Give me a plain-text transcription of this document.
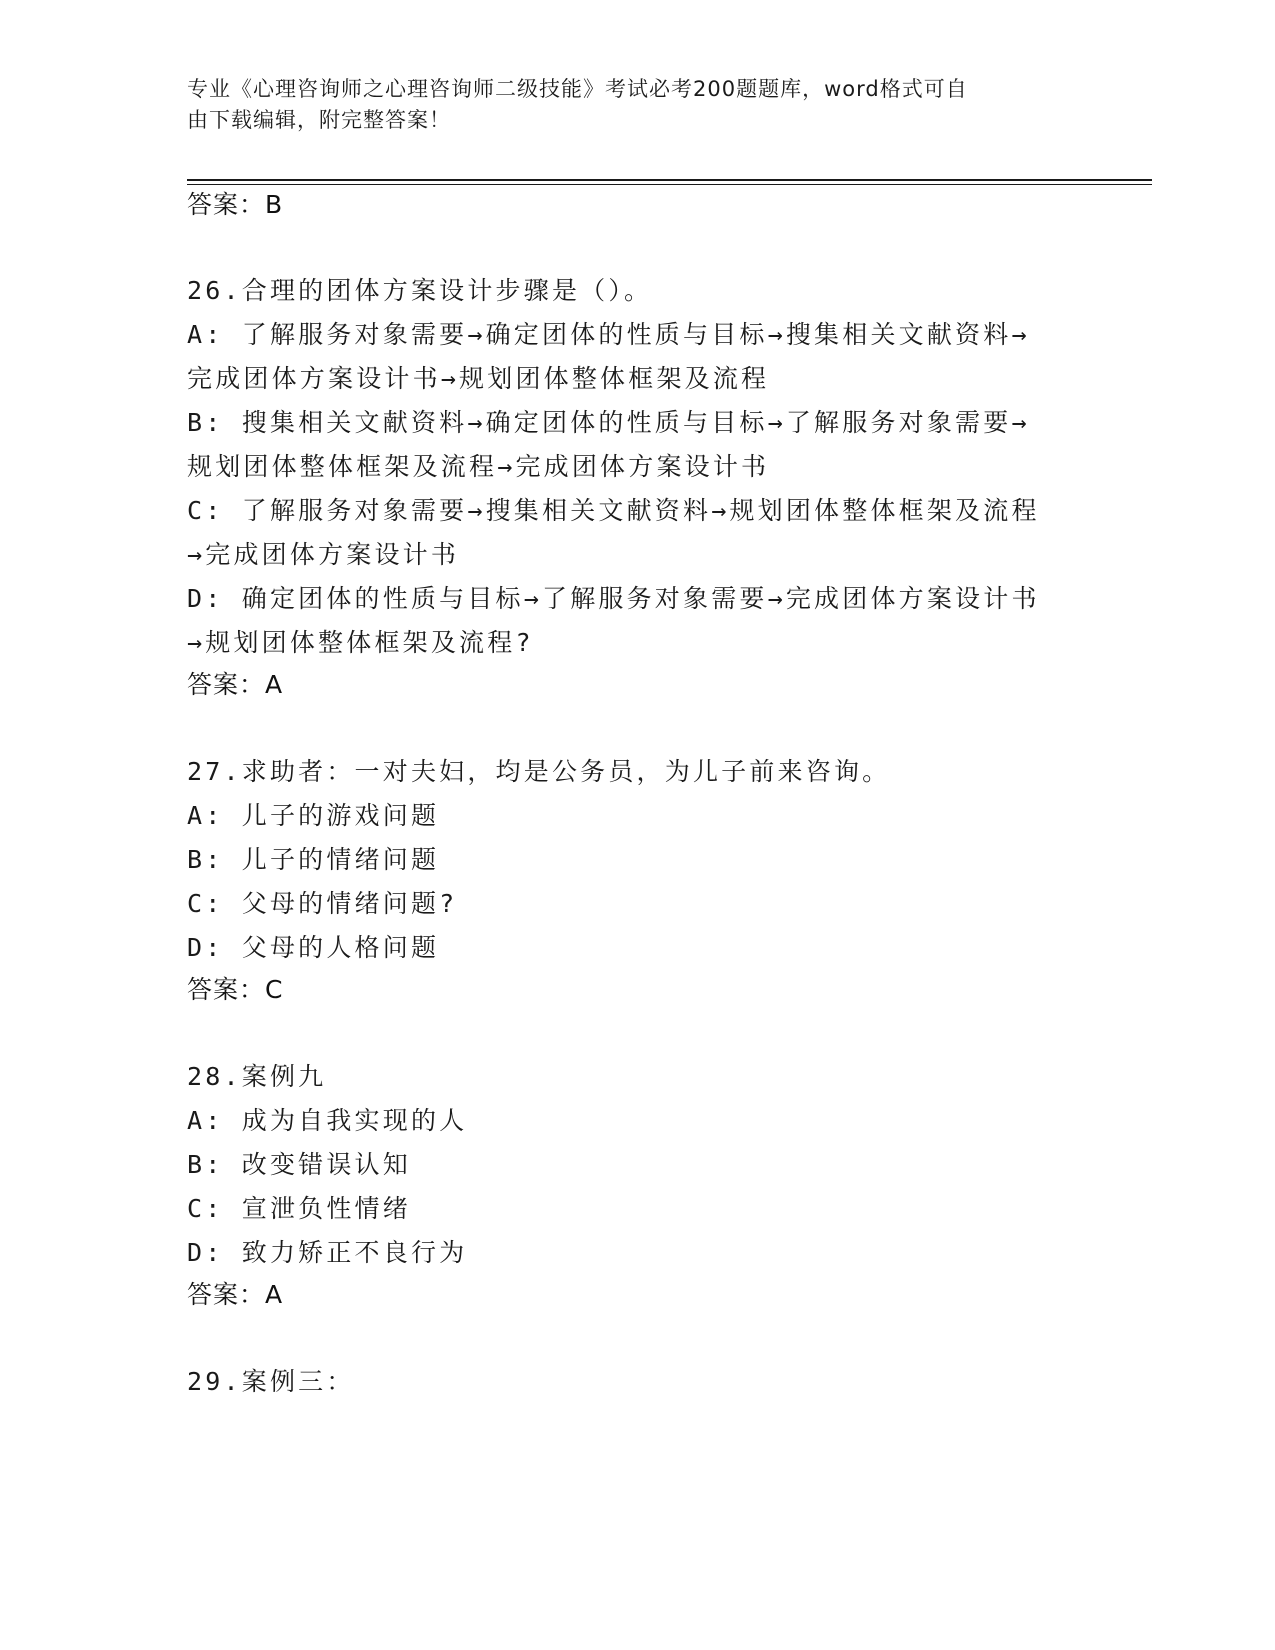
专业《心理咨询师之心理咨询师二级技能》考试必考200题题库，word格式可自
由下载编辑，附完整答案！
答案：B
26.合理的团体方案设计步骤是（）。
A: 了解服务对象需要→确定团体的性质与目标→搜集相关文献资料→
完成团体方案设计书→规划团体整体框架及流程
B: 搜集相关文献资料→确定团体的性质与目标→了解服务对象需要→
规划团体整体框架及流程→完成团体方案设计书
C: 了解服务对象需要→搜集相关文献资料→规划团体整体框架及流程
→完成团体方案设计书
D: 确定团体的性质与目标→了解服务对象需要→完成团体方案设计书
→规划团体整体框架及流程?
答案：A
27.求助者：一对夫妇，均是公务员，为儿子前来咨询。
A: 儿子的游戏问题
B: 儿子的情绪问题
C: 父母的情绪问题?
D: 父母的人格问题
答案：C
28.案例九
A: 成为自我实现的人
B: 改变错误认知
C: 宣泄负性情绪
D: 致力矫正不良行为
答案：A
29.案例三：
